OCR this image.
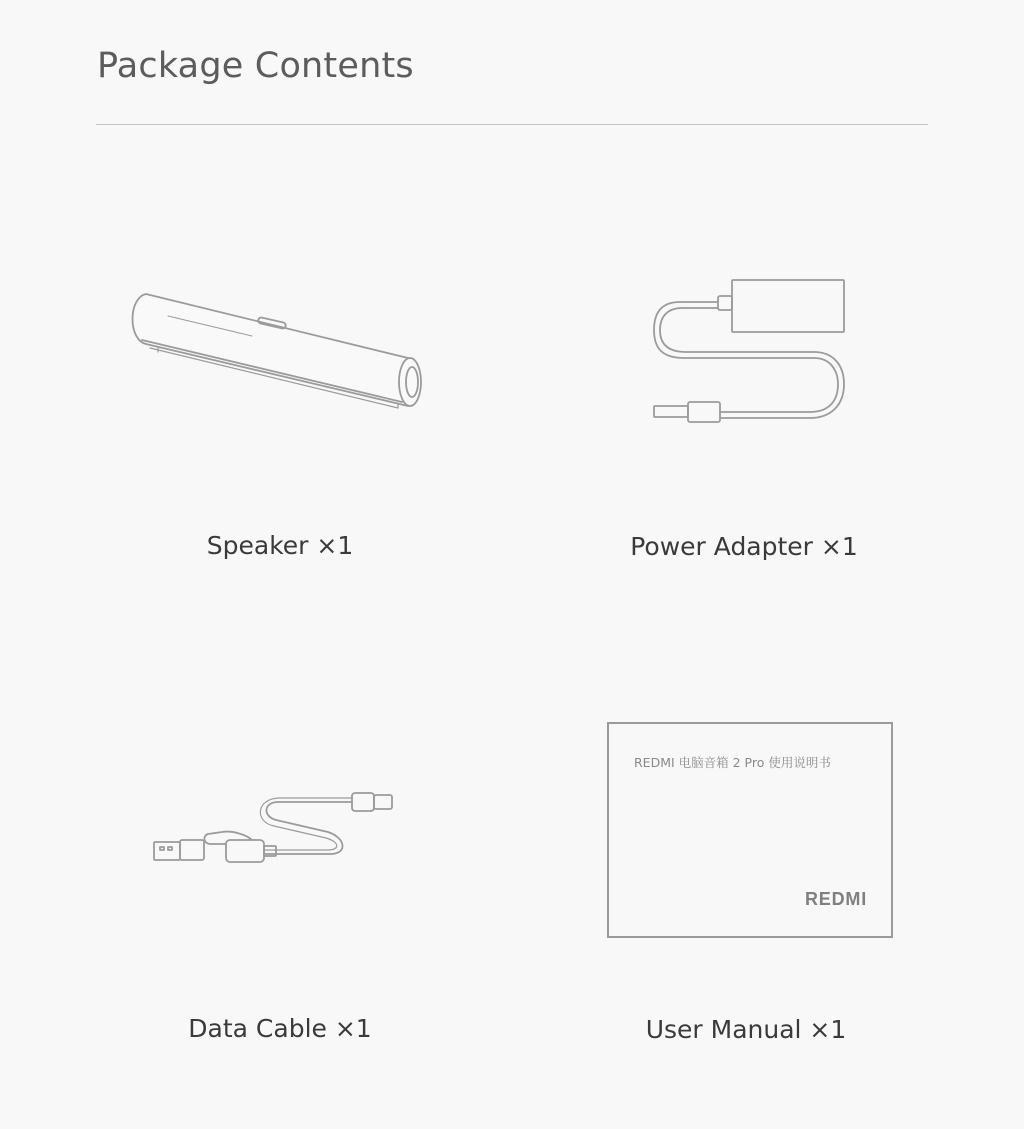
Package Contents
Speaker ×1	Power Adapter ×1
Data Cable ×1
REDMI 电脑音箱 2 Pro 使用说明书
REDMI
User Manual ×1
